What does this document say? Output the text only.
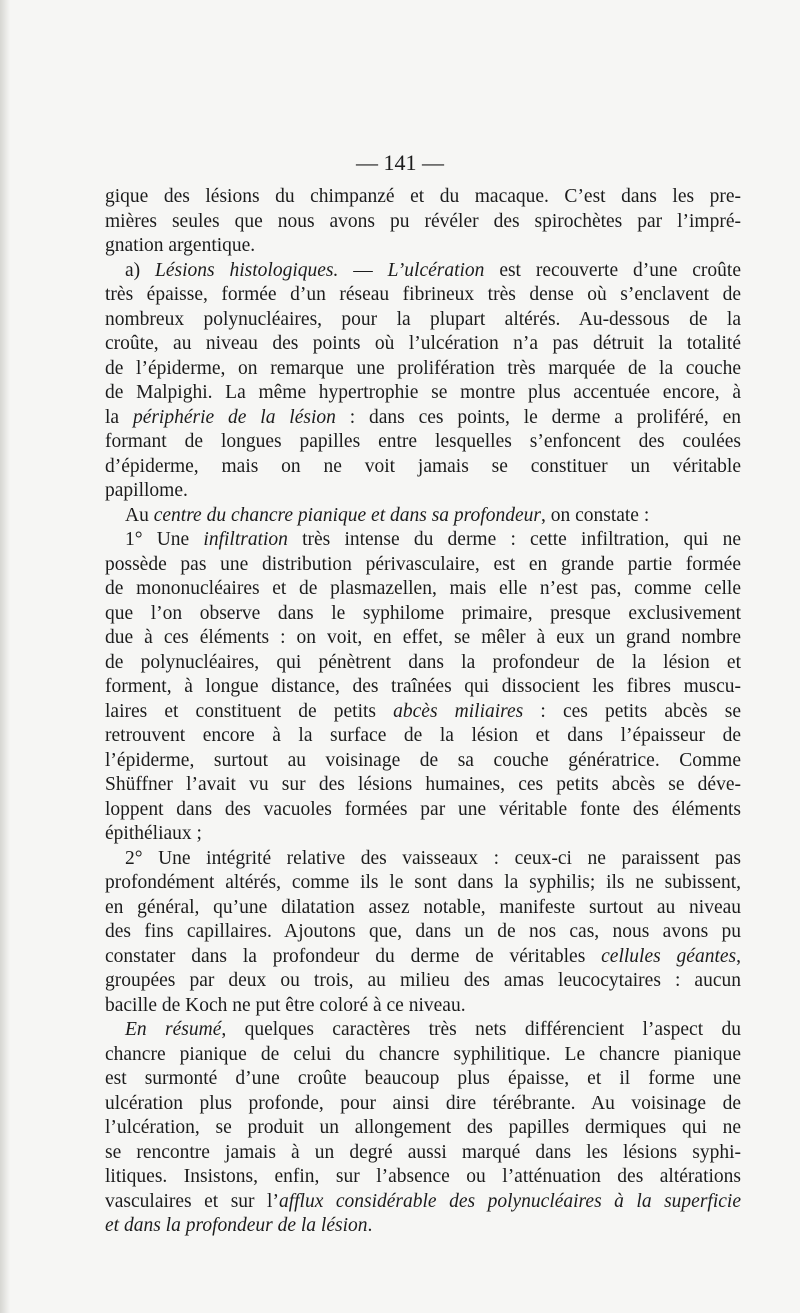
— 141 —
gique des lésions du chimpanzé et du macaque. C’est dans les pre-
mières seules que nous avons pu révéler des spirochètes par l’impré-
gnation argentique.
a) Lésions histologiques. — L’ulcération est recouverte d’une croûte
très épaisse, formée d’un réseau fibrineux très dense où s’enclavent de
nombreux polynucléaires, pour la plupart altérés. Au-dessous de la
croûte, au niveau des points où l’ulcération n’a pas détruit la totalité
de l’épiderme, on remarque une prolifération très marquée de la couche
de Malpighi. La même hypertrophie se montre plus accentuée encore, à
la périphérie de la lésion : dans ces points, le derme a proliféré, en
formant de longues papilles entre lesquelles s’enfoncent des coulées
d’épiderme, mais on ne voit jamais se constituer un véritable
papillome.
Au centre du chancre pianique et dans sa profondeur, on constate :
1° Une infiltration très intense du derme : cette infiltration, qui ne
possède pas une distribution périvasculaire, est en grande partie formée
de mononucléaires et de plasmazellen, mais elle n’est pas, comme celle
que l’on observe dans le syphilome primaire, presque exclusivement
due à ces éléments : on voit, en effet, se mêler à eux un grand nombre
de polynucléaires, qui pénètrent dans la profondeur de la lésion et
forment, à longue distance, des traînées qui dissocient les fibres muscu-
laires et constituent de petits abcès miliaires : ces petits abcès se
retrouvent encore à la surface de la lésion et dans l’épaisseur de
l’épiderme, surtout au voisinage de sa couche génératrice. Comme
Shüffner l’avait vu sur des lésions humaines, ces petits abcès se déve-
loppent dans des vacuoles formées par une véritable fonte des éléments
épithéliaux ;
2° Une intégrité relative des vaisseaux : ceux-ci ne paraissent pas
profondément altérés, comme ils le sont dans la syphilis; ils ne subissent,
en général, qu’une dilatation assez notable, manifeste surtout au niveau
des fins capillaires. Ajoutons que, dans un de nos cas, nous avons pu
constater dans la profondeur du derme de véritables cellules géantes,
groupées par deux ou trois, au milieu des amas leucocytaires : aucun
bacille de Koch ne put être coloré à ce niveau.
En résumé, quelques caractères très nets différencient l’aspect du
chancre pianique de celui du chancre syphilitique. Le chancre pianique
est surmonté d’une croûte beaucoup plus épaisse, et il forme une
ulcération plus profonde, pour ainsi dire térébrante. Au voisinage de
l’ulcération, se produit un allongement des papilles dermiques qui ne
se rencontre jamais à un degré aussi marqué dans les lésions syphi-
litiques. Insistons, enfin, sur l’absence ou l’atténuation des altérations
vasculaires et sur l’afflux considérable des polynucléaires à la superficie
et dans la profondeur de la lésion.
